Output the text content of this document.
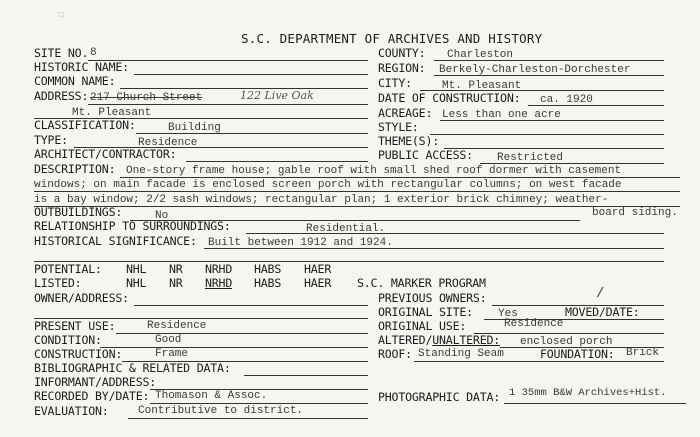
☐
S.C. DEPARTMENT OF ARCHIVES AND HISTORY
SITE NO. 8
HISTORIC NAME:
COMMON NAME:
ADDRESS: 217 Church Street	122 Live Oak
Mt. Pleasant
CLASSIFICATION:	Building
TYPE:	Residence
ARCHITECT/CONTRACTOR:
COUNTY: Charleston
REGION: Berkely-Charleston-Dorchester
CITY:	Mt. Pleasant
DATE OF CONSTRUCTION: ca. 1920
ACREAGE: Less than one acre
STYLE:
THEME(S):
PUBLIC ACCESS: Restricted
DESCRIPTION: One-story frame house; gable roof with small shed roof dormer with casement
windows; on main facade is enclosed screen porch with rectangular columns; on west facade
is a bay window; 2/2 sash windows; rectangular plan; 1 exterior brick chimney; weather-
board siding.
OUTBUILDINGS:	No
RELATIONSHIP TO SURROUNDINGS:	Residential.
HISTORICAL SIGNIFICANCE: Built between 1912 and 1924.
POTENTIAL: NHL NR NRHD HABS HAER
LISTED:	NHL NR NRHD HABS HAER S.C. MARKER PROGRAM
OWNER/ADDRESS:
PRESENT USE:	Residence
CONDITION:	Good
CONSTRUCTION:	Frame
BIBLIOGRAPHIC & RELATED DATA:
INFORMANT/ADDRESS:
RECORDED BY/DATE: Thomason & Assoc.
EVALUATION:	Contributive to district.
PREVIOUS OWNERS:	/
ORIGINAL SITE: Yes	MOVED/DATE:
ORIGINAL USE:	Residence
ALTERED/UNALTERED: enclosed porch
ROOF: Standing Seam	FOUNDATION: Brick
PHOTOGRAPHIC DATA: 1 35mm B&W Archives+Hist.
